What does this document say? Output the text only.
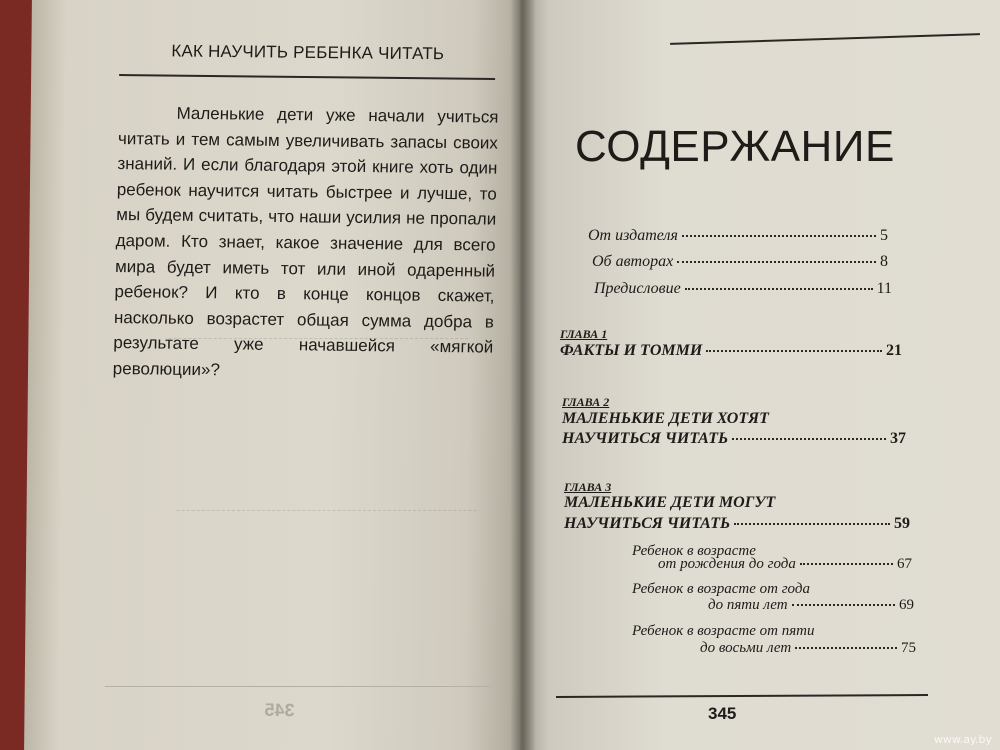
КАК НАУЧИТЬ РЕБЕНКА ЧИТАТЬ

Маленькие дети уже начали учиться читать и тем самым увеличивать запасы своих знаний. И если благодаря этой книге хоть один ребенок научится читать быстрее и лучше, то мы будем считать, что наши усилия не пропали даром. Кто знает, какое значение для всего мира будет иметь тот или иной одаренный ребенок? И кто в конце концов скажет, насколько возрастет общая сумма добра в результате уже начавшейся «мягкой революции»?

345
СОДЕРЖАНИЕ
От издателя	5
Об авторах	8
Предисловие	11
ГЛАВА 1
ФАКТЫ И ТОММИ	21
ГЛАВА 2
МАЛЕНЬКИЕ ДЕТИ ХОТЯТ
НАУЧИТЬСЯ ЧИТАТЬ	37
ГЛАВА 3
МАЛЕНЬКИЕ ДЕТИ МОГУТ
НАУЧИТЬСЯ ЧИТАТЬ	59
Ребенок в возрасте
от рождения до года	67
Ребенок в возрасте от года
до пяти лет	69
Ребенок в возрасте от пяти
до восьми лет	75
345
www.ay.by
